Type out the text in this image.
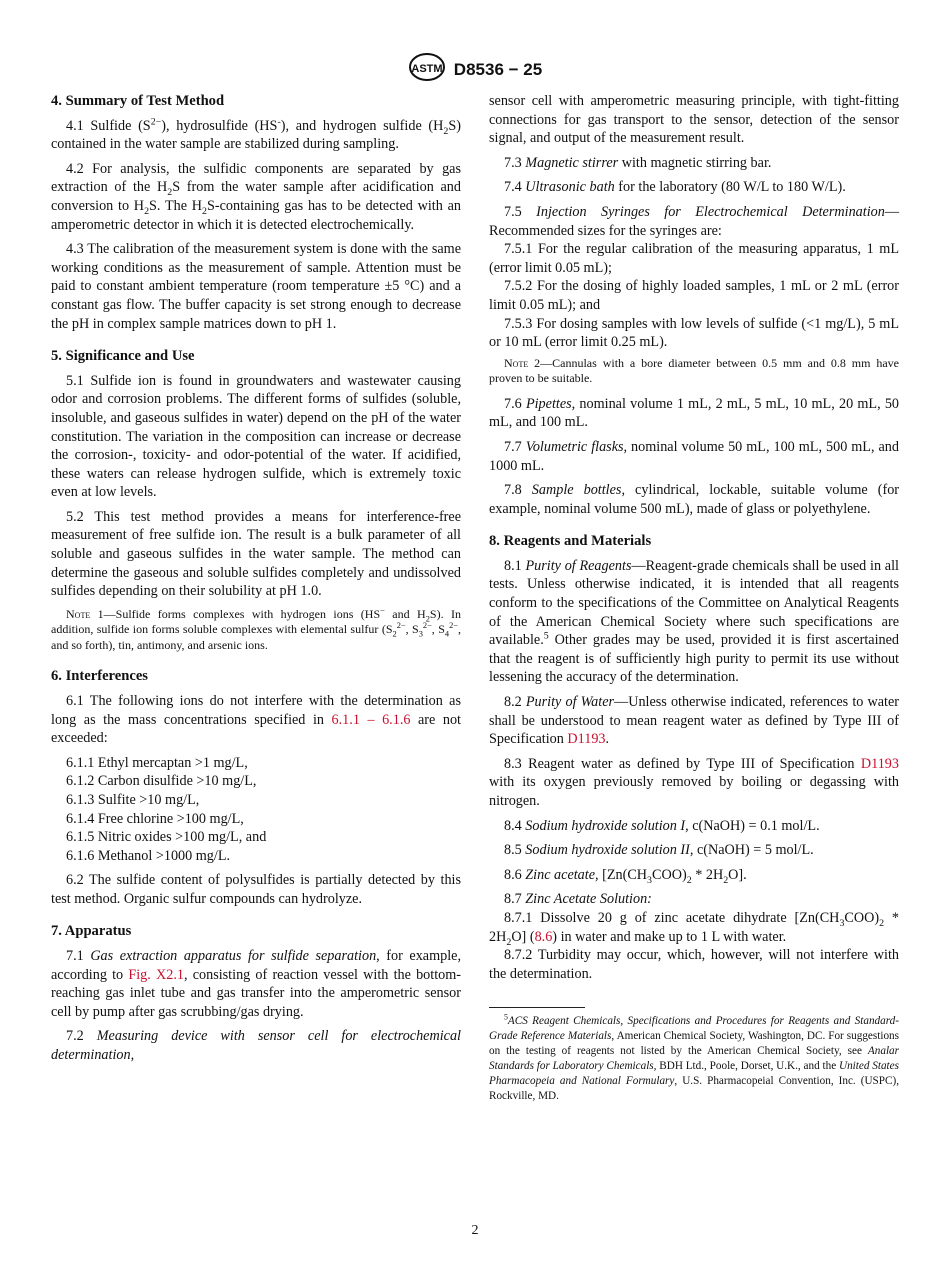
ASTM D8536 − 25
4. Summary of Test Method

4.1 Sulfide $(S^{2-})$, hydrosulfide (HS-), and hydrogen sulfide $(H_2S)$ contained in the water sample are stabilized during sampling.

4.2 For analysis, the sulfidic components are separated by gas extraction of the $H_2S$ from the water sample after acidification and conversion to $H_2S$. The $H_2S$-containing gas has to be detected with an amperometric detector in which it is detected electrochemically.

4.3 The calibration of the measurement system is done with the same working conditions as the measurement of sample. Attention must be paid to constant ambient temperature (room temperature ±5 °C) and a constant gas flow. The buffer capacity is set strong enough to decrease the pH in complex sample matrices down to pH 1.

5. Significance and Use

5.1 Sulfide ion is found in groundwaters and wastewater causing odor and corrosion problems. The different forms of sulfides (soluble, insoluble, and gaseous sulfides in water) depend on the pH of the water constitution. The variation in the composition can increase or decrease the corrosion-, toxicity- and odor-potential of the water. If acidified, these waters can release hydrogen sulfide, which is extremely toxic even at low levels.

5.2 This test method provides a means for interference-free measurement of free sulfide ion. The result is a bulk parameter of all soluble and gaseous sulfides in the water sample. The method can determine the gaseous and soluble sulfides completely and undissolved sulfides depending on their solubility at pH 1.0.

Note 1—Sulfide forms complexes with hydrogen ions (HS− and $H_2S$). In addition, sulfide ion forms soluble complexes with elemental sulfur ($S_2^{2-}$, $S_3^{2-}$, $S_4^{2-}$, and so forth), tin, antimony, and arsenic ions.
6. Interferences

6.1 The following ions do not interfere with the determination as long as the mass concentrations specified in 6.1.1 – 6.1.6 are not exceeded:

6.1.1 Ethyl mercaptan >1 mg/L,

6.1.2 Carbon disulfide >10 mg/L,

6.1.3 Sulfite >10 mg/L,

6.1.4 Free chlorine >100 mg/L,

6.1.5 Nitric oxides >100 mg/L, and

6.1.6 Methanol >1000 mg/L.

6.2 The sulfide content of polysulfides is partially detected by this test method. Organic sulfur compounds can hydrolyze.

7. Apparatus

7.1 Gas extraction apparatus for sulfide separation, for example, according to Fig. X2.1, consisting of reaction vessel with the bottom-reaching gas inlet tube and gas transfer into the amperometric sensor cell by pump after gas scrubbing/gas drying.

7.2 Measuring device with sensor cell for electrochemical determination,

sensor cell with amperometric measuring principle, with tight-fitting connections for gas transport to the sensor, detection of the sensor signal, and output of the measurement result.

7.3 Magnetic stirrer with magnetic stirring bar.

7.4 Ultrasonic bath for the laboratory (80 W/L to 180 W/L).

7.5 Injection Syringes for Electrochemical Determination—Recommended sizes for the syringes are:

7.5.1 For the regular calibration of the measuring apparatus, 1 mL (error limit 0.05 mL);

7.5.2 For the dosing of highly loaded samples, 1 mL or 2 mL (error limit 0.05 mL); and

7.5.3 For dosing samples with low levels of sulfide (<1 mg/L), 5 mL or 10 mL (error limit 0.25 mL).

Note 2—Cannulas with a bore diameter between 0.5 mm and 0.8 mm have proven to be suitable.

7.6 Pipettes, nominal volume 1 mL, 2 mL, 5 mL, 10 mL, 20 mL, 50 mL, and 100 mL.

7.7 Volumetric flasks, nominal volume 50 mL, 100 mL, 500 mL, and 1000 mL.

7.8 Sample bottles, cylindrical, lockable, suitable volume (for example, nominal volume 500 mL), made of glass or polyethylene.

8. Reagents and Materials

8.1 Purity of Reagents—Reagent-grade chemicals shall be used in all tests. Unless otherwise indicated, it is intended that all reagents conform to the specifications of the Committee on Analytical Reagents of the American Chemical Society where such specifications are available.$^5$ Other grades may be used, provided it is first ascertained that the reagent is of sufficiently high purity to permit its use without lessening the accuracy of the determination.

8.2 Purity of Water—Unless otherwise indicated, references to water shall be understood to mean reagent water as defined by Type III of Specification D1193.

8.3 Reagent water as defined by Type III of Specification D1193 with its oxygen previously removed by boiling or degassing with nitrogen.

8.4 Sodium hydroxide solution I, c(NaOH) = 0.1 mol/L.

8.5 Sodium hydroxide solution II, c(NaOH) = 5 mol/L.

8.6 Zinc acetate, $[Zn(CH_3COO)_2 * 2H_2O]$.

8.7 Zinc Acetate Solution:

8.7.1 Dissolve 20 g of zinc acetate dihydrate $[Zn(CH_3COO)_2 * 2H_2O]$ (8.6) in water and make up to 1 L with water.

8.7.2 Turbidity may occur, which, however, will not interfere with the determination.

$^5$ACS Reagent Chemicals, Specifications and Procedures for Reagents and Standard-Grade Reference Materials, American Chemical Society, Washington, DC. For suggestions on the testing of reagents not listed by the American Chemical Society, see Analar Standards for Laboratory Chemicals, BDH Ltd., Poole, Dorset, U.K., and the United States Pharmacopeia and National Formulary, U.S. Pharmacopeial Convention, Inc. (USPC), Rockville, MD.
2
